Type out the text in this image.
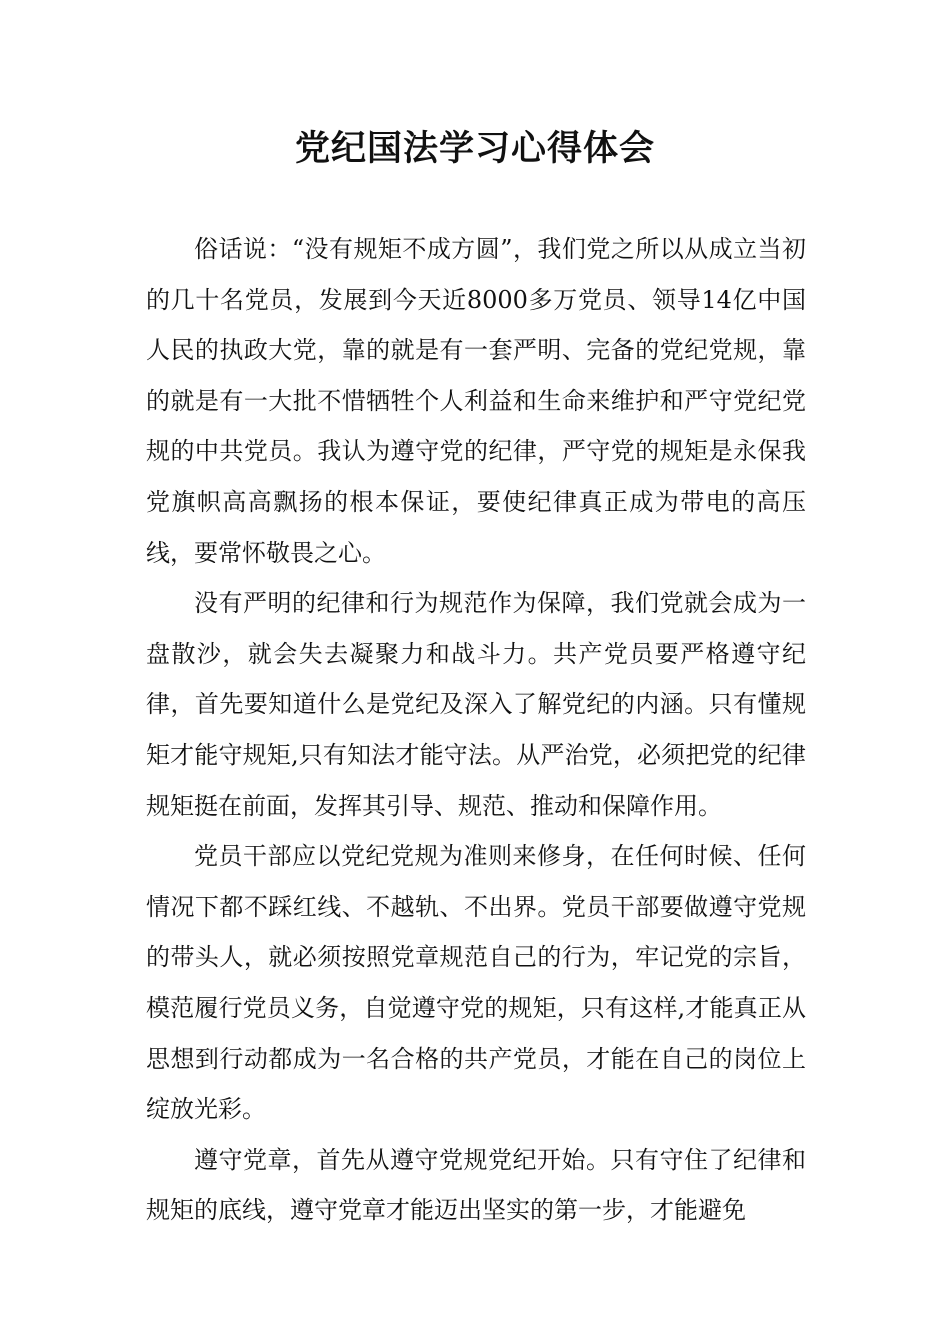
党纪国法学习心得体会

俗话说：“没有规矩不成方圆”，我们党之所以从成立当初的几十名党员，发展到今天近8000多万党员、领导14亿中国人民的执政大党，靠的就是有一套严明、完备的党纪党规，靠的就是有一大批不惜牺牲个人利益和生命来维护和严守党纪党规的中共党员。我认为遵守党的纪律，严守党的规矩是永保我党旗帜高高飘扬的根本保证，要使纪律真正成为带电的高压线，要常怀敬畏之心。

没有严明的纪律和行为规范作为保障，我们党就会成为一盘散沙，就会失去凝聚力和战斗力。共产党员要严格遵守纪律，首先要知道什么是党纪及深入了解党纪的内涵。只有懂规矩才能守规矩,只有知法才能守法。从严治党，必须把党的纪律规矩挺在前面，发挥其引导、规范、推动和保障作用。

党员干部应以党纪党规为准则来修身，在任何时候、任何情况下都不踩红线、不越轨、不出界。党员干部要做遵守党规的带头人，就必须按照党章规范自己的行为，牢记党的宗旨，模范履行党员义务，自觉遵守党的规矩，只有这样,才能真正从思想到行动都成为一名合格的共产党员，才能在自己的岗位上绽放光彩。

遵守党章，首先从遵守党规党纪开始。只有守住了纪律和规矩的底线，遵守党章才能迈出坚实的第一步，才能避免
